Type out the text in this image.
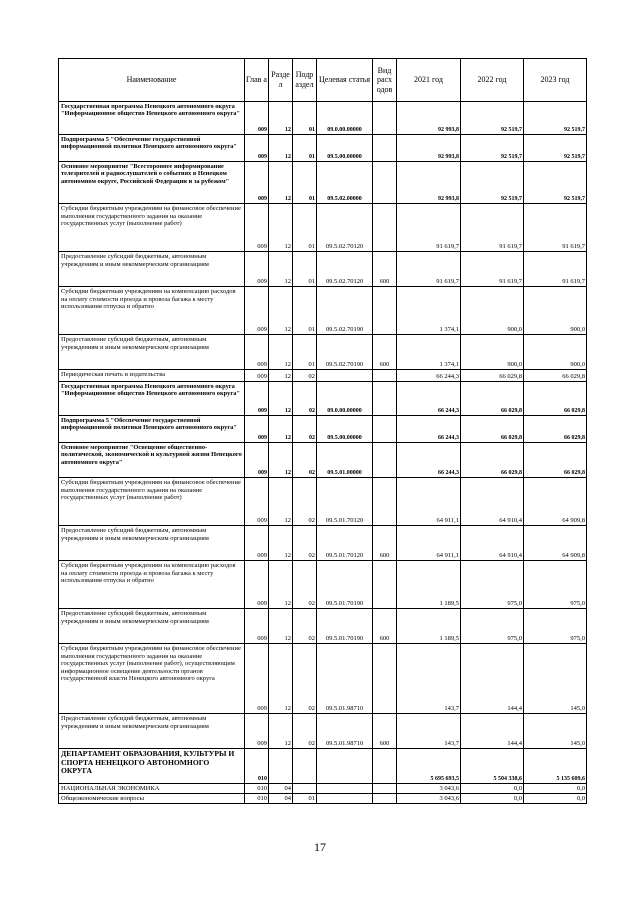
Наименование	Глав а	Разде л	Подр аздел	Целевая статья	Вид расх одов	2021 год	2022 год	2023 год
Государственная программа Ненецкого автономного округа "Информационное общество Ненецкого автономного округа"	009	12	01	09.0.00.00000		92 993,8	92 519,7	92 519,7
Подпрограмма 5 "Обеспечение государственной информационной политики Ненецкого автономного округа"	009	12	01	09.5.00.00000		92 993,8	92 519,7	92 519,7
Основное мероприятие "Всестороннее информирование телезрителей и радиослушателей о событиях в Ненецком автономном округе, Российской Федерации и за рубежом"	009	12	01	09.5.02.00000		92 993,8	92 519,7	92 519,7
Субсидии бюджетным учреждениям на финансовое обеспечение выполнения государственного задания на оказание государственных услуг (выполнение работ)	009	12	01	09.5.02.70120		91 619,7	91 619,7	91 619,7
Предоставление субсидий бюджетным, автономным учреждениям и иным некоммерческим организациям	009	12	01	09.5.02.70120	600	91 619,7	91 619,7	91 619,7
Субсидии бюджетным учреждениям на компенсацию расходов на оплату стоимости проезда и провоза багажа к месту использования отпуска и обратно	009	12	01	09.5.02.70190		1 374,1	900,0	900,0
Предоставление субсидий бюджетным, автономным учреждениям и иным некоммерческим организациям	009	12	01	09.5.02.70190	600	1 374,1	900,0	900,0
Периодическая печать и издательства	009	12	02			66 244,3	66 029,8	66 029,8
Государственная программа Ненецкого автономного округа "Информационное общество Ненецкого автономного округа"	009	12	02	09.0.00.00000		66 244,3	66 029,8	66 029,8
Подпрограмма 5 "Обеспечение государственной информационной политики Ненецкого автономного округа"	009	12	02	09.5.00.00000		66 244,3	66 029,8	66 029,8
Основное мероприятие "Освещение общественно-политической, экономической и культурной жизни Ненецкого автономного округа"	009	12	02	09.5.01.00000		66 244,3	66 029,8	66 029,8
Субсидии бюджетным учреждениям на финансовое обеспечение выполнения государственного задания на оказание государственных услуг (выполнение работ)	009	12	02	09.5.01.70120		64 911,1	64 910,4	64 909,8
Предоставление субсидий бюджетным, автономным учреждениям и иным некоммерческим организациям	009	12	02	09.5.01.70120	600	64 911,1	64 910,4	64 909,8
Субсидии бюджетным учреждениям на компенсацию расходов на оплату стоимости проезда и провоза багажа к месту использования отпуска и обратно	009	12	02	09.5.01.70190		1 189,5	975,0	975,0
Предоставление субсидий бюджетным, автономным учреждениям и иным некоммерческим организациям	009	12	02	09.5.01.70190	600	1 189,5	975,0	975,0
Субсидии бюджетным учреждениям на финансовое обеспечение выполнения государственного задания на оказание государственных услуг (выполнение работ), осуществляющим информационное освещение деятельности органов государственной власти Ненецкого автономного округа	009	12	02	09.5.01.98710		143,7	144,4	145,0
Предоставление субсидий бюджетным, автономным учреждениям и иным некоммерческим организациям	009	12	02	09.5.01.98710	600	143,7	144,4	145,0
ДЕПАРТАМЕНТ ОБРАЗОВАНИЯ, КУЛЬТУРЫ И СПОРТА НЕНЕЦКОГО АВТОНОМНОГО ОКРУГА	010					5 695 693,5	5 504 338,6	5 135 609,6
НАЦИОНАЛЬНАЯ ЭКОНОМИКА	010	04				3 043,6	0,0	0,0
Общеэкономические вопросы	010	04	01			3 043,6	0,0	0,0
17
